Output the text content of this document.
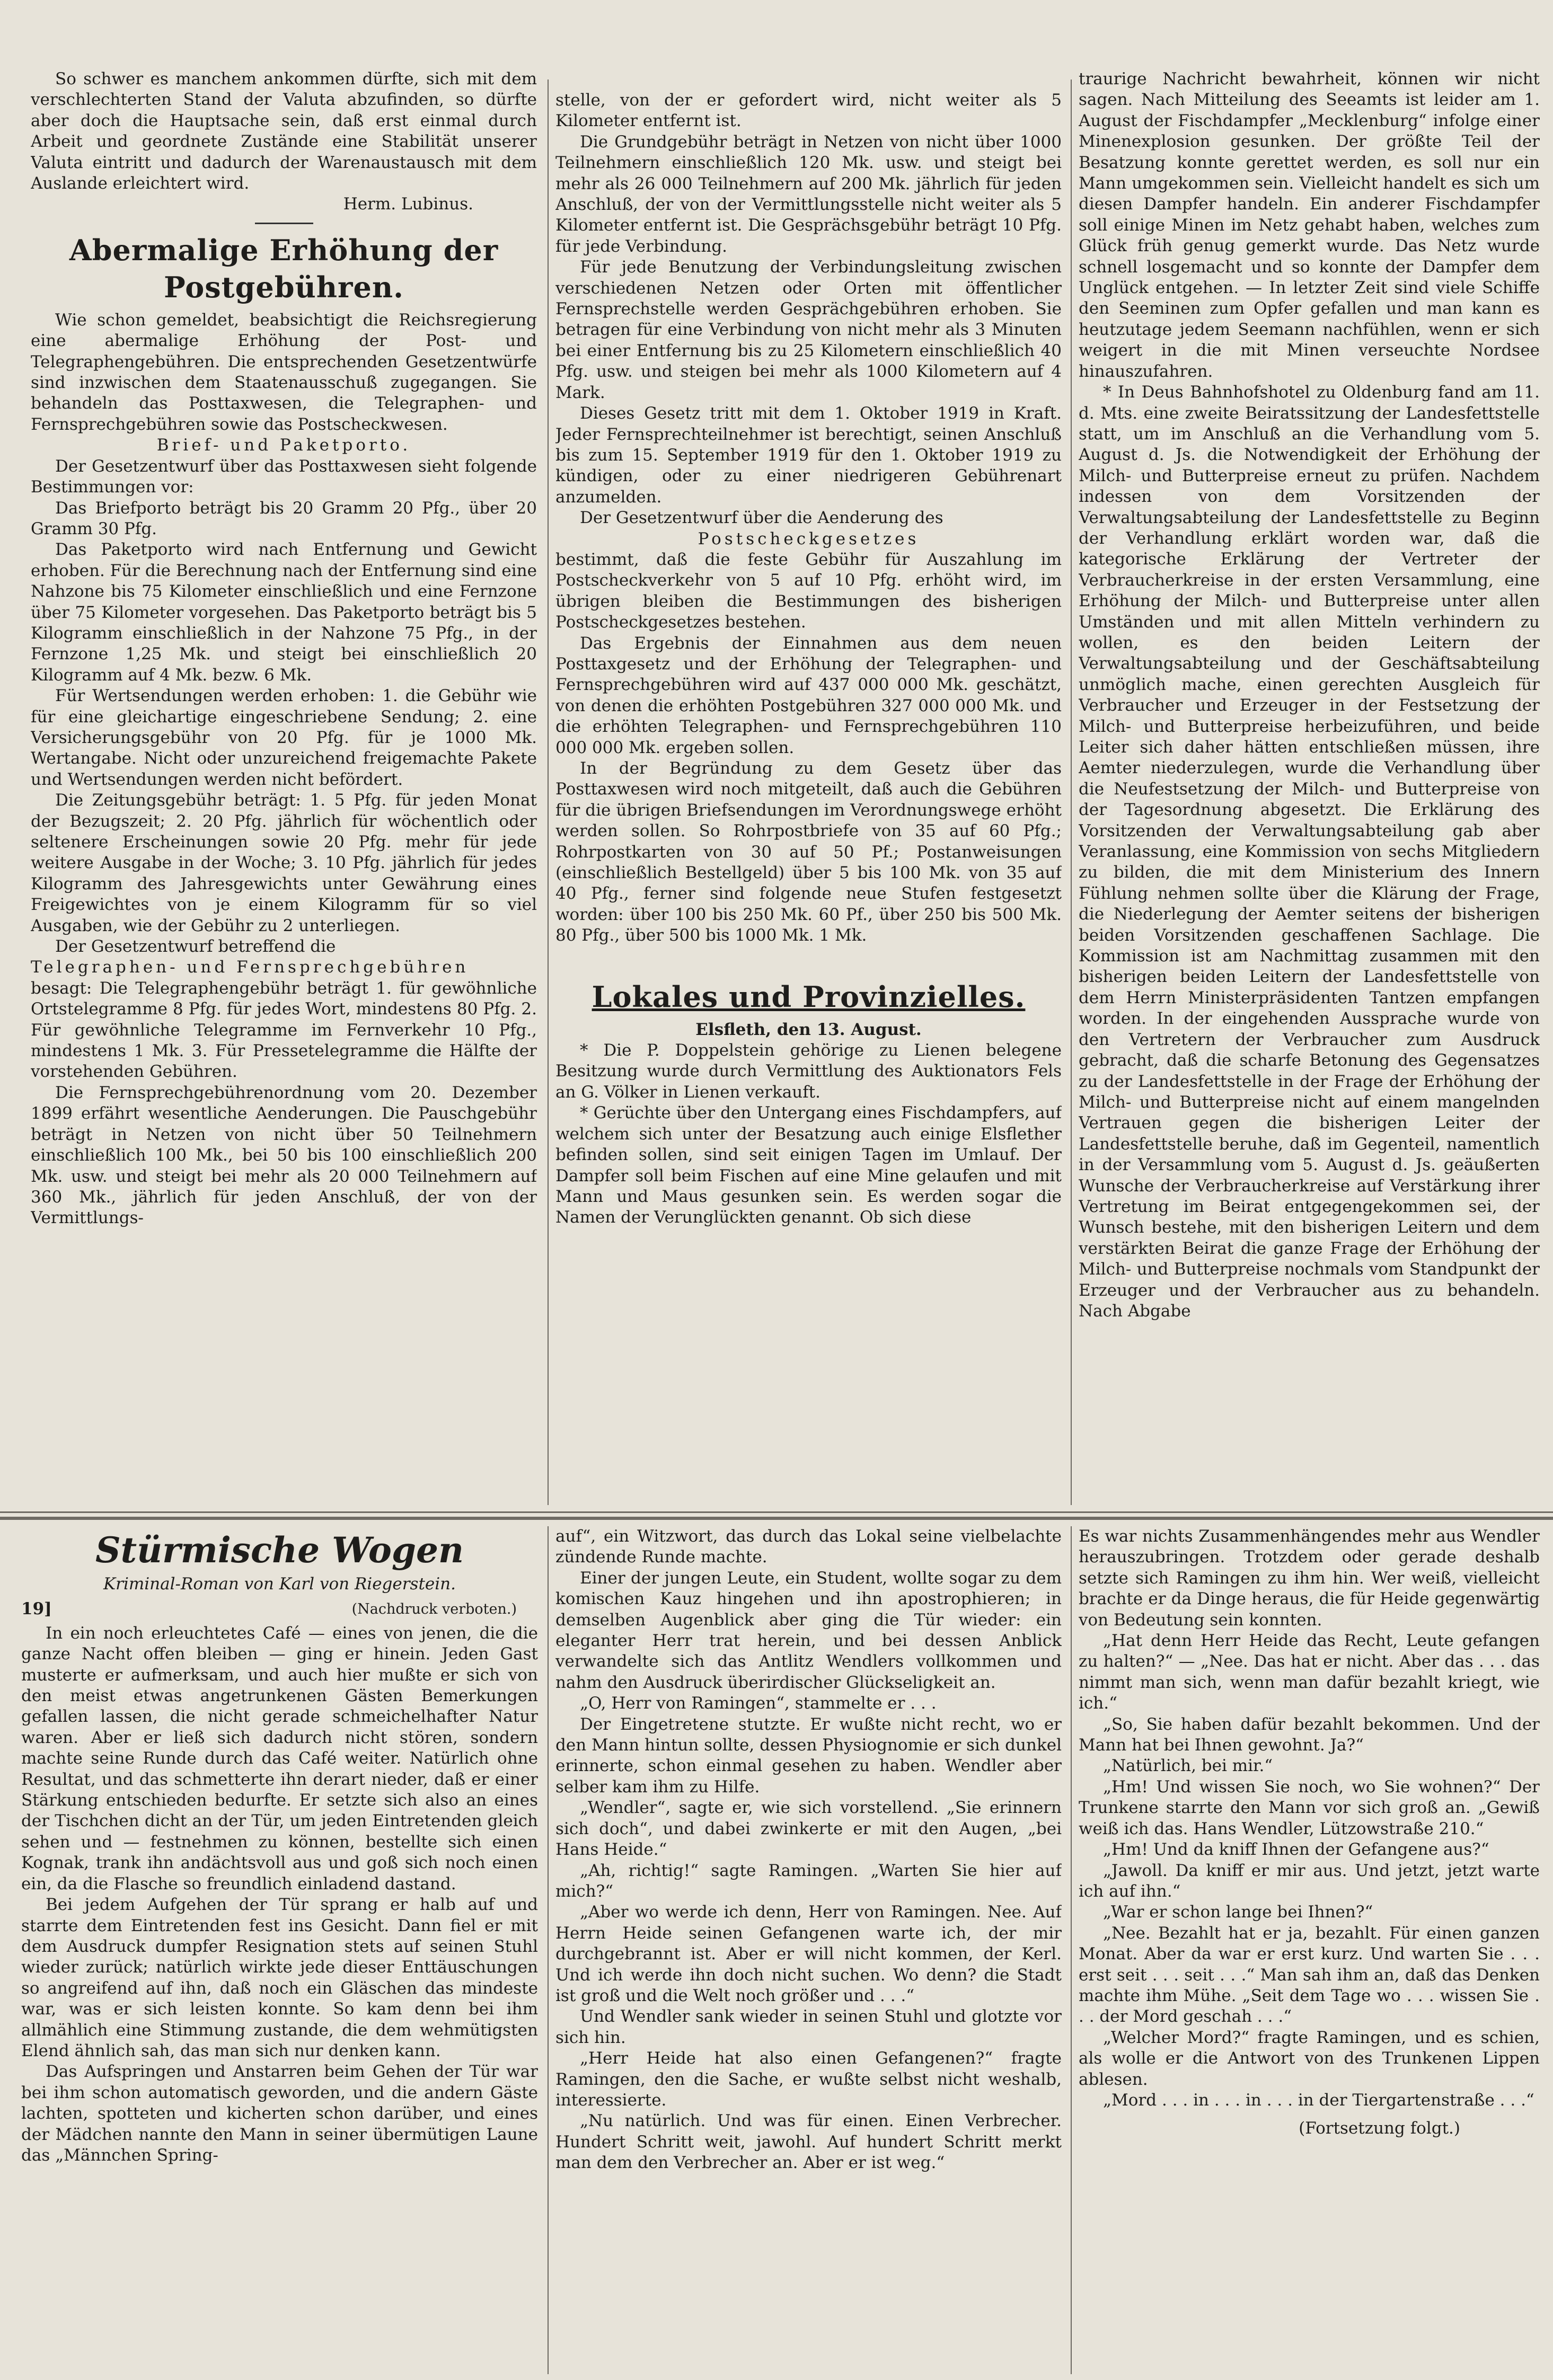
So schwer es manchem ankommen dürfte, sich mit dem verschlechterten Stand der Valuta abzufinden, so dürfte aber doch die Hauptsache sein, daß erst einmal durch Arbeit und geordnete Zustände eine Stabilität unserer Valuta eintritt und dadurch der Warenaustausch mit dem Auslande erleichtert wird.

Herm. Lubinus.

Abermalige Erhöhung der Postgebühren.

Wie schon gemeldet, beabsichtigt die Reichsregierung eine abermalige Erhöhung der Post- und Telegraphengebühren. Die entsprechenden Gesetzentwürfe sind inzwischen dem Staatenausschuß zugegangen. Sie behandeln das Posttaxwesen, die Telegraphen- und Fernsprechgebühren sowie das Postscheckwesen.

Brief- und Paketporto.

Der Gesetzentwurf über das Posttaxwesen sieht folgende Bestimmungen vor:

Das Briefporto beträgt bis 20 Gramm 20 Pfg., über 20 Gramm 30 Pfg.

Das Paketporto wird nach Entfernung und Gewicht erhoben. Für die Berechnung nach der Entfernung sind eine Nahzone bis 75 Kilometer einschließlich und eine Fernzone über 75 Kilometer vorgesehen. Das Paketporto beträgt bis 5 Kilogramm einschließlich in der Nahzone 75 Pfg., in der Fernzone 1,25 Mk. und steigt bei einschließlich 20 Kilogramm auf 4 Mk. bezw. 6 Mk.

Für Wertsendungen werden erhoben: 1. die Gebühr wie für eine gleichartige eingeschriebene Sendung; 2. eine Versicherungsgebühr von 20 Pfg. für je 1000 Mk. Wertangabe. Nicht oder unzureichend freigemachte Pakete und Wertsendungen werden nicht befördert.

Die Zeitungsgebühr beträgt: 1. 5 Pfg. für jeden Monat der Bezugszeit; 2. 20 Pfg. jährlich für wöchentlich oder seltenere Erscheinungen sowie 20 Pfg. mehr für jede weitere Ausgabe in der Woche; 3. 10 Pfg. jährlich für jedes Kilogramm des Jahresgewichts unter Gewährung eines Freigewichtes von je einem Kilogramm für so viel Ausgaben, wie der Gebühr zu 2 unterliegen.

Der Gesetzentwurf betreffend die

Telegraphen- und Fernsprechgebühren

besagt: Die Telegraphengebühr beträgt 1. für gewöhnliche Ortstelegramme 8 Pfg. für jedes Wort, mindestens 80 Pfg. 2. Für gewöhnliche Telegramme im Fernverkehr 10 Pfg., mindestens 1 Mk. 3. Für Pressetelegramme die Hälfte der vorstehenden Gebühren.

Die Fernsprechgebührenordnung vom 20. Dezember 1899 erfährt wesentliche Aenderungen. Die Pauschgebühr beträgt in Netzen von nicht über 50 Teilnehmern einschließlich 100 Mk., bei 50 bis 100 einschließlich 200 Mk. usw. und steigt bei mehr als 20 000 Teilnehmern auf 360 Mk., jährlich für jeden Anschluß, der von der Vermittlungs-

stelle, von der er gefordert wird, nicht weiter als 5 Kilometer entfernt ist.

Die Grundgebühr beträgt in Netzen von nicht über 1000 Teilnehmern einschließlich 120 Mk. usw. und steigt bei mehr als 26 000 Teilnehmern auf 200 Mk. jährlich für jeden Anschluß, der von der Vermittlungsstelle nicht weiter als 5 Kilometer entfernt ist. Die Gesprächsgebühr beträgt 10 Pfg. für jede Verbindung.

Für jede Benutzung der Verbindungsleitung zwischen verschiedenen Netzen oder Orten mit öffentlicher Fernsprechstelle werden Gesprächgebühren erhoben. Sie betragen für eine Verbindung von nicht mehr als 3 Minuten bei einer Entfernung bis zu 25 Kilometern einschließlich 40 Pfg. usw. und steigen bei mehr als 1000 Kilometern auf 4 Mark.

Dieses Gesetz tritt mit dem 1. Oktober 1919 in Kraft. Jeder Fernsprechteilnehmer ist berechtigt, seinen Anschluß bis zum 15. September 1919 für den 1. Oktober 1919 zu kündigen, oder zu einer niedrigeren Gebührenart anzumelden.

Der Gesetzentwurf über die Aenderung des

Postscheckgesetzes

bestimmt, daß die feste Gebühr für Auszahlung im Postscheckverkehr von 5 auf 10 Pfg. erhöht wird, im übrigen bleiben die Bestimmungen des bisherigen Postscheckgesetzes bestehen.

Das Ergebnis der Einnahmen aus dem neuen Posttaxgesetz und der Erhöhung der Telegraphen- und Fernsprechgebühren wird auf 437 000 000 Mk. geschätzt, von denen die erhöhten Postgebühren 327 000 000 Mk. und die erhöhten Telegraphen- und Fernsprechgebühren 110 000 000 Mk. ergeben sollen.

In der Begründung zu dem Gesetz über das Posttaxwesen wird noch mitgeteilt, daß auch die Gebühren für die übrigen Briefsendungen im Verordnungswege erhöht werden sollen. So Rohrpostbriefe von 35 auf 60 Pfg.; Rohrpostkarten von 30 auf 50 Pf.; Postanweisungen (einschließlich Bestellgeld) über 5 bis 100 Mk. von 35 auf 40 Pfg., ferner sind folgende neue Stufen festgesetzt worden: über 100 bis 250 Mk. 60 Pf., über 250 bis 500 Mk. 80 Pfg., über 500 bis 1000 Mk. 1 Mk.

Lokales und Provinzielles.

Elsfleth, den 13. August.

* Die P. Doppelstein gehörige zu Lienen belegene Besitzung wurde durch Vermittlung des Auktionators Fels an G. Völker in Lienen verkauft.

* Gerüchte über den Untergang eines Fischdampfers, auf welchem sich unter der Besatzung auch einige Elsflether befinden sollen, sind seit einigen Tagen im Umlauf. Der Dampfer soll beim Fischen auf eine Mine gelaufen und mit Mann und Maus gesunken sein. Es werden sogar die Namen der Verunglückten genannt. Ob sich diese

traurige Nachricht bewahrheit, können wir nicht sagen. Nach Mitteilung des Seeamts ist leider am 1. August der Fischdampfer „Mecklenburg“ infolge einer Minenexplosion gesunken. Der größte Teil der Besatzung konnte gerettet werden, es soll nur ein Mann umgekommen sein. Vielleicht handelt es sich um diesen Dampfer handeln. Ein anderer Fischdampfer soll einige Minen im Netz gehabt haben, welches zum Glück früh genug gemerkt wurde. Das Netz wurde schnell losgemacht und so konnte der Dampfer dem Unglück entgehen. — In letzter Zeit sind viele Schiffe den Seeminen zum Opfer gefallen und man kann es heutzutage jedem Seemann nachfühlen, wenn er sich weigert in die mit Minen verseuchte Nordsee hinauszufahren.

* In Deus Bahnhofshotel zu Oldenburg fand am 11. d. Mts. eine zweite Beiratssitzung der Landesfettstelle statt, um im Anschluß an die Verhandlung vom 5. August d. Js. die Notwendigkeit der Erhöhung der Milch- und Butterpreise erneut zu prüfen. Nachdem indessen von dem Vorsitzenden der Verwaltungsabteilung der Landesfettstelle zu Beginn der Verhandlung erklärt worden war, daß die kategorische Erklärung der Vertreter der Verbraucherkreise in der ersten Versammlung, eine Erhöhung der Milch- und Butterpreise unter allen Umständen und mit allen Mitteln verhindern zu wollen, es den beiden Leitern der Verwaltungsabteilung und der Geschäftsabteilung unmöglich mache, einen gerechten Ausgleich für Verbraucher und Erzeuger in der Festsetzung der Milch- und Butterpreise herbeizuführen, und beide Leiter sich daher hätten entschließen müssen, ihre Aemter niederzulegen, wurde die Verhandlung über die Neufestsetzung der Milch- und Butterpreise von der Tagesordnung abgesetzt. Die Erklärung des Vorsitzenden der Verwaltungsabteilung gab aber Veranlassung, eine Kommission von sechs Mitgliedern zu bilden, die mit dem Ministerium des Innern Fühlung nehmen sollte über die Klärung der Frage, die Niederlegung der Aemter seitens der bisherigen beiden Vorsitzenden geschaffenen Sachlage. Die Kommission ist am Nachmittag zusammen mit den bisherigen beiden Leitern der Landesfettstelle von dem Herrn Ministerpräsidenten Tantzen empfangen worden. In der eingehenden Aussprache wurde von den Vertretern der Verbraucher zum Ausdruck gebracht, daß die scharfe Betonung des Gegensatzes zu der Landesfettstelle in der Frage der Erhöhung der Milch- und Butterpreise nicht auf einem mangelnden Vertrauen gegen die bisherigen Leiter der Landesfettstelle beruhe, daß im Gegenteil, namentlich in der Versammlung vom 5. August d. Js. geäußerten Wunsche der Verbraucherkreise auf Verstärkung ihrer Vertretung im Beirat entgegengekommen sei, der Wunsch bestehe, mit den bisherigen Leitern und dem verstärkten Beirat die ganze Frage der Erhöhung der Milch- und Butterpreise nochmals vom Standpunkt der Erzeuger und der Verbraucher aus zu behandeln. Nach Abgabe

Stürmische Wogen

Kriminal-Roman von Karl von Riegerstein.

19]	(Nachdruck verboten.)

In ein noch erleuchtetes Café — eines von jenen, die die ganze Nacht offen bleiben — ging er hinein. Jeden Gast musterte er aufmerksam, und auch hier mußte er sich von den meist etwas angetrunkenen Gästen Bemerkungen gefallen lassen, die nicht gerade schmeichelhafter Natur waren. Aber er ließ sich dadurch nicht stören, sondern machte seine Runde durch das Café weiter. Natürlich ohne Resultat, und das schmetterte ihn derart nieder, daß er einer Stärkung entschieden bedurfte. Er setzte sich also an eines der Tischchen dicht an der Tür, um jeden Eintretenden gleich sehen und — festnehmen zu können, bestellte sich einen Kognak, trank ihn andächtsvoll aus und goß sich noch einen ein, da die Flasche so freundlich einladend dastand.

Bei jedem Aufgehen der Tür sprang er halb auf und starrte dem Eintretenden fest ins Gesicht. Dann fiel er mit dem Ausdruck dumpfer Resignation stets auf seinen Stuhl wieder zurück; natürlich wirkte jede dieser Enttäuschungen so angreifend auf ihn, daß noch ein Gläschen das mindeste war, was er sich leisten konnte. So kam denn bei ihm allmählich eine Stimmung zustande, die dem wehmütigsten Elend ähnlich sah, das man sich nur denken kann.

Das Aufspringen und Anstarren beim Gehen der Tür war bei ihm schon automatisch geworden, und die andern Gäste lachten, spotteten und kicherten schon darüber, und eines der Mädchen nannte den Mann in seiner übermütigen Laune das „Männchen Spring-

auf“, ein Witzwort, das durch das Lokal seine vielbelachte zündende Runde machte.

Einer der jungen Leute, ein Student, wollte sogar zu dem komischen Kauz hingehen und ihn apostrophieren; in demselben Augenblick aber ging die Tür wieder: ein eleganter Herr trat herein, und bei dessen Anblick verwandelte sich das Antlitz Wendlers vollkommen und nahm den Ausdruck überirdischer Glückseligkeit an.

„O, Herr von Ramingen“, stammelte er . . .

Der Eingetretene stutzte. Er wußte nicht recht, wo er den Mann hintun sollte, dessen Physiognomie er sich dunkel erinnerte, schon einmal gesehen zu haben. Wendler aber selber kam ihm zu Hilfe.

„Wendler“, sagte er, wie sich vorstellend. „Sie erinnern sich doch“, und dabei zwinkerte er mit den Augen, „bei Hans Heide.“

„Ah, richtig!“ sagte Ramingen. „Warten Sie hier auf mich?“

„Aber wo werde ich denn, Herr von Ramingen. Nee. Auf Herrn Heide seinen Gefangenen warte ich, der mir durchgebrannt ist. Aber er will nicht kommen, der Kerl. Und ich werde ihn doch nicht suchen. Wo denn? die Stadt ist groß und die Welt noch größer und . . .“

Und Wendler sank wieder in seinen Stuhl und glotzte vor sich hin.

„Herr Heide hat also einen Gefangenen?“ fragte Ramingen, den die Sache, er wußte selbst nicht weshalb, interessierte.

„Nu natürlich. Und was für einen. Einen Verbrecher. Hundert Schritt weit, jawohl. Auf hundert Schritt merkt man dem den Verbrecher an. Aber er ist weg.“

Es war nichts Zusammenhängendes mehr aus Wendler herauszubringen. Trotzdem oder gerade deshalb setzte sich Ramingen zu ihm hin. Wer weiß, vielleicht brachte er da Dinge heraus, die für Heide gegenwärtig von Bedeutung sein konnten.

„Hat denn Herr Heide das Recht, Leute gefangen zu halten?“ — „Nee. Das hat er nicht. Aber das . . . das nimmt man sich, wenn man dafür bezahlt kriegt, wie ich.“

„So, Sie haben dafür bezahlt bekommen. Und der Mann hat bei Ihnen gewohnt. Ja?“

„Natürlich, bei mir.“

„Hm! Und wissen Sie noch, wo Sie wohnen?“ Der Trunkene starrte den Mann vor sich groß an. „Gewiß weiß ich das. Hans Wendler, Lützowstraße 210.“

„Hm! Und da kniff Ihnen der Gefangene aus?“

„Jawoll. Da kniff er mir aus. Und jetzt, jetzt warte ich auf ihn.“

„War er schon lange bei Ihnen?“

„Nee. Bezahlt hat er ja, bezahlt. Für einen ganzen Monat. Aber da war er erst kurz. Und warten Sie . . . erst seit . . . seit . . .“ Man sah ihm an, daß das Denken machte ihm Mühe. „Seit dem Tage wo . . . wissen Sie . . . der Mord geschah . . .“

„Welcher Mord?“ fragte Ramingen, und es schien, als wolle er die Antwort von des Trunkenen Lippen ablesen.

„Mord . . . in . . . in . . . in der Tiergartenstraße . . .“

(Fortsetzung folgt.)
